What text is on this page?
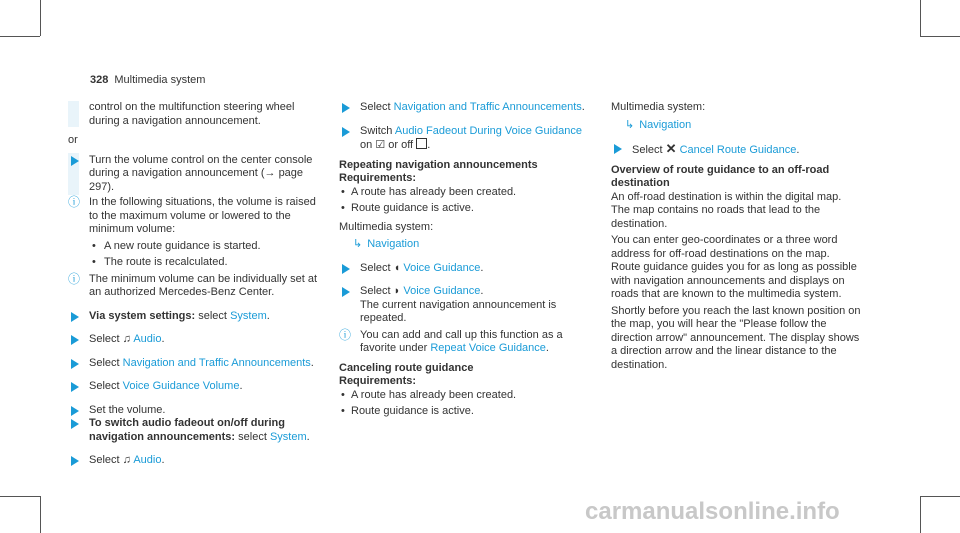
328 Multimedia system

control on the multifunction steering wheel during a navigation announcement.

or

Turn the volume control on the center console during a navigation announcement (→ page 297).

ⓘ In the following situations, the volume is raised to the maximum volume or lowered to the minimum volume:

• A new route guidance is started.

• The route is recalculated.

ⓘ The minimum volume can be individually set at an authorized Mercedes-Benz Center.

Via system settings: select System.

Select ♫ Audio.

Select Navigation and Traffic Announcements.

Select Voice Guidance Volume.

Set the volume.

To switch audio fadeout on/off during navigation announcements: select System.

Select ♫ Audio.

Select Navigation and Traffic Announcements.

Switch Audio Fadeout During Voice Guidance on ☑ or off .

Repeating navigation announcements

Requirements:

• A route has already been created.

• Route guidance is active.

Multimedia system:

↳ Navigation

Select ◖ Voice Guidance.

Select ◗ Voice Guidance.
The current navigation announcement is repeated.

ⓘ You can add and call up this function as a favorite under Repeat Voice Guidance.

Canceling route guidance

Requirements:

• A route has already been created.

• Route guidance is active.

Multimedia system:

↳ Navigation

Select ✕ Cancel Route Guidance.

Overview of route guidance to an off-road destination

An off-road destination is within the digital map. The map contains no roads that lead to the destination.

You can enter geo-coordinates or a three word address for off-road destinations on the map. Route guidance guides you for as long as possible with navigation announcements and displays on roads that are known to the multimedia system.

Shortly before you reach the last known position on the map, you will hear the "Please follow the direction arrow" announcement. The display shows a direction arrow and the linear distance to the destination.

carmanualsonline.info
